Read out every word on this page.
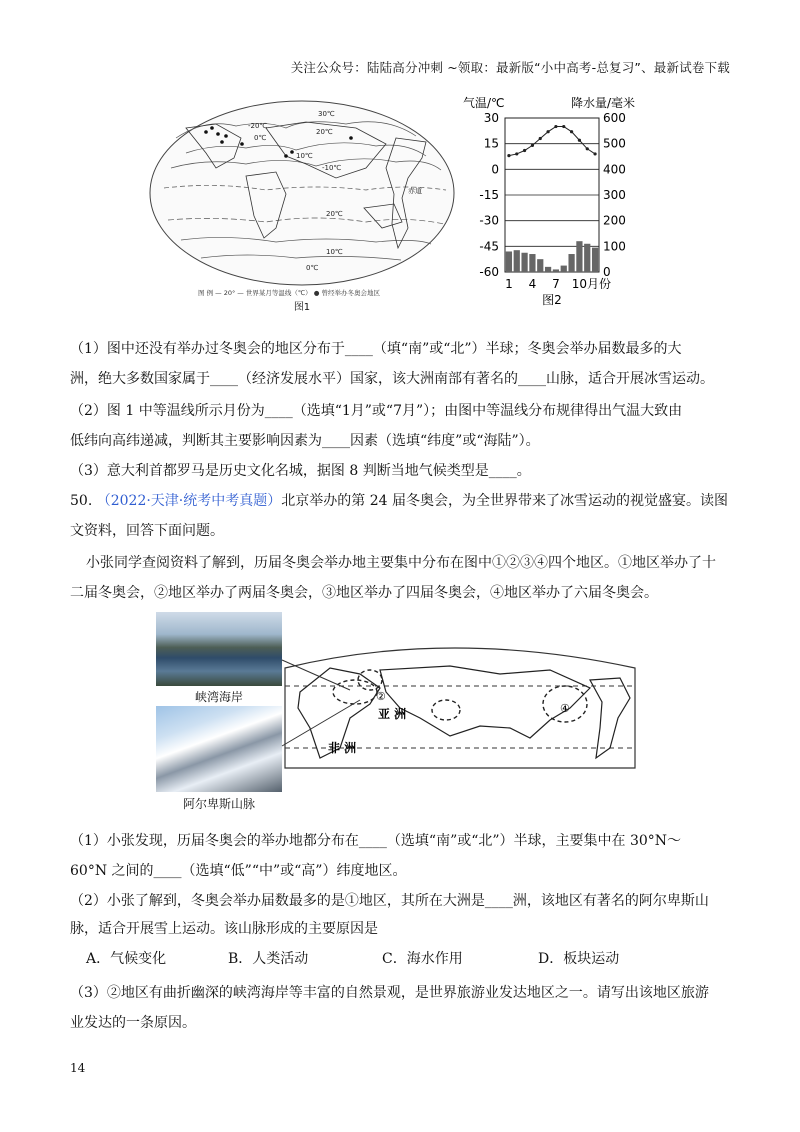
关注公众号：陆陆高分冲刺 ~领取：最新版“小中高考-总复习”、最新试卷下载
30℃
20℃
10℃
0℃
-20℃
-10℃
20℃
10℃
0℃
赤道
图 例 — 20° — 世界某月等温线（℃） ● 曾经举办冬奥会地区
图1
气温/℃	降水量/毫米
30
15
0
-15
-30
-45
-60
600
500
400
300
200
100
0
1 4 7 10月份
图2
（1）图中还没有举办过冬奥会的地区分布于____（填“南”或“北”）半球；冬奥会举办届数最多的大
洲，绝大多数国家属于____（经济发展水平）国家，该大洲南部有著名的____山脉，适合开展冰雪运动。
（2）图 1 中等温线所示月份为____（选填“1月”或“7月”）；由图中等温线分布规律得出气温大致由
低纬向高纬递减，判断其主要影响因素为____因素（选填“纬度”或“海陆”）。
（3）意大利首都罗马是历史文化名城，据图 8 判断当地气候类型是____。
50. （2022·天津·统考中考真题）北京举办的第 24 届冬奥会，为全世界带来了冰雪运动的视觉盛宴。读图
文资料，回答下面问题。
小张同学查阅资料了解到，历届冬奥会举办地主要集中分布在图中①②③④四个地区。①地区举办了十
二届冬奥会，②地区举办了两届冬奥会，③地区举办了四届冬奥会，④地区举办了六届冬奥会。
峡湾海岸
阿尔卑斯山脉
②
④
亚 洲
非 洲
（1）小张发现，历届冬奥会的举办地都分布在____（选填“南”或“北”）半球，主要集中在 30°N～
60°N 之间的____（选填“低”“中”或“高”）纬度地区。
（2）小张了解到，冬奥会举办届数最多的是①地区，其所在大洲是____洲，该地区有著名的阿尔卑斯山
脉，适合开展雪上运动。该山脉形成的主要原因是
A．气候变化	B．人类活动	C．海水作用	D．板块运动
（3）②地区有曲折幽深的峡湾海岸等丰富的自然景观，是世界旅游业发达地区之一。请写出该地区旅游
业发达的一条原因。
14
